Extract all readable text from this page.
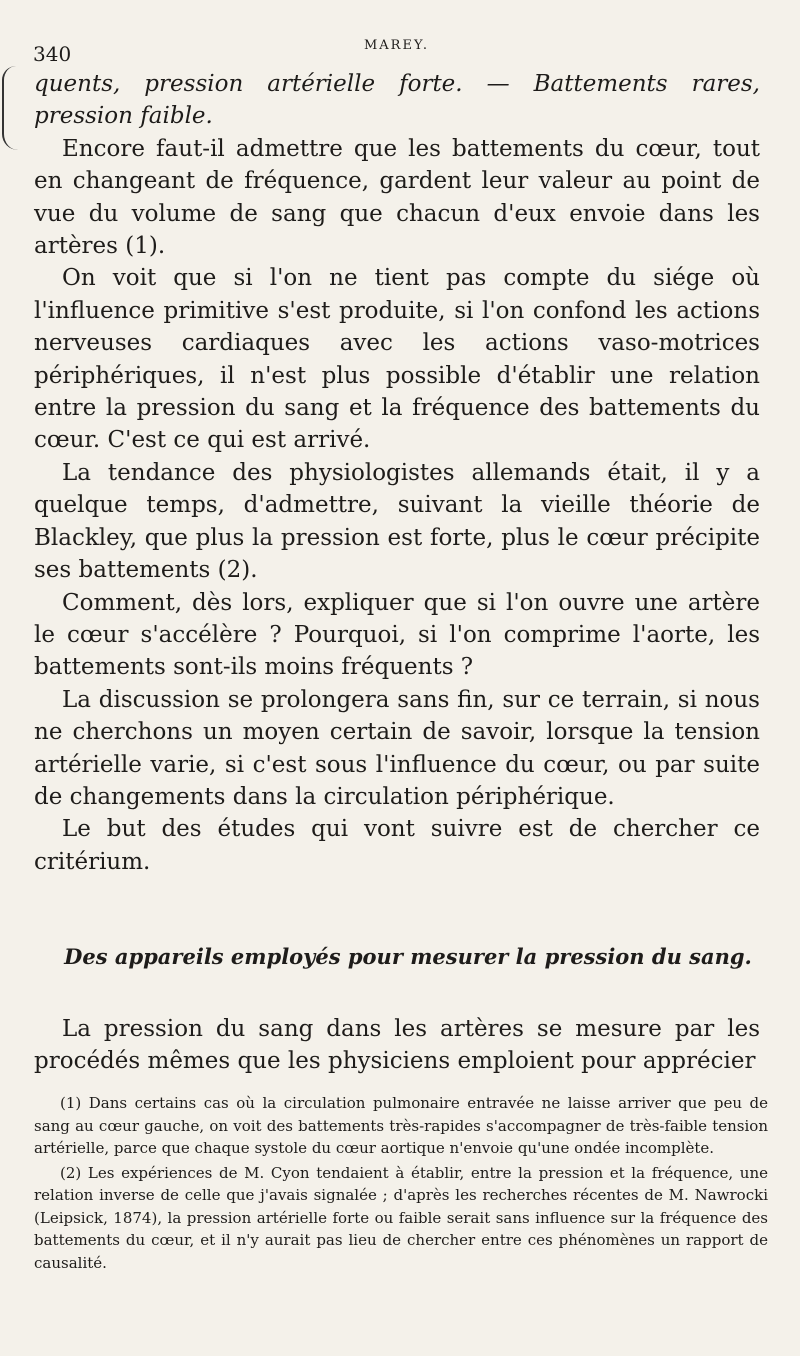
340	MAREY.

quents, pression artérielle forte. — Battements rares, pression faible.

Encore faut-il admettre que les battements du cœur, tout en changeant de fréquence, gardent leur valeur au point de vue du volume de sang que chacun d'eux envoie dans les artères (1).

On voit que si l'on ne tient pas compte du siége où l'influence primitive s'est produite, si l'on confond les actions nerveuses cardiaques avec les actions vaso-motrices périphériques, il n'est plus possible d'établir une relation entre la pression du sang et la fréquence des battements du cœur. C'est ce qui est arrivé.

La tendance des physiologistes allemands était, il y a quelque temps, d'admettre, suivant la vieille théorie de Blackley, que plus la pression est forte, plus le cœur précipite ses battements (2).

Comment, dès lors, expliquer que si l'on ouvre une artère le cœur s'accélère ? Pourquoi, si l'on comprime l'aorte, les battements sont-ils moins fréquents ?

La discussion se prolongera sans fin, sur ce terrain, si nous ne cherchons un moyen certain de savoir, lorsque la tension artérielle varie, si c'est sous l'influence du cœur, ou par suite de changements dans la circulation périphérique.

Le but des études qui vont suivre est de chercher ce critérium.

Des appareils employés pour mesurer la pression du sang.

La pression du sang dans les artères se mesure par les procédés mêmes que les physiciens emploient pour apprécier

(1) Dans certains cas où la circulation pulmonaire entravée ne laisse arriver que peu de sang au cœur gauche, on voit des battements très-rapides s'accompagner de très-faible tension artérielle, parce que chaque systole du cœur aortique n'envoie qu'une ondée incomplète.

(2) Les expériences de M. Cyon tendaient à établir, entre la pression et la fréquence, une relation inverse de celle que j'avais signalée ; d'après les recherches récentes de M. Nawrocki (Leipsick, 1874), la pression artérielle forte ou faible serait sans influence sur la fréquence des battements du cœur, et il n'y aurait pas lieu de chercher entre ces phénomènes un rapport de causalité.
